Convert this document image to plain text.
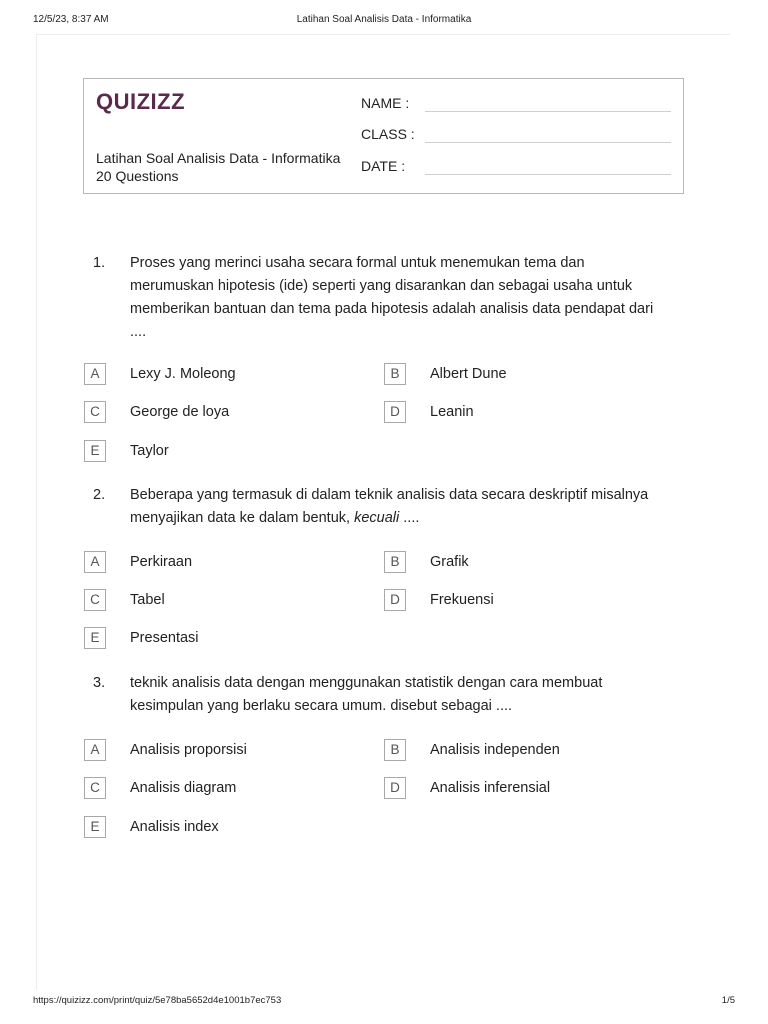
12/5/23, 8:37 AM	Latihan Soal Analisis Data - Informatika
QUIZIZZ
Latihan Soal Analisis Data - Informatika
20 Questions
NAME :
CLASS :
DATE :
1. Proses yang merinci usaha secara formal untuk menemukan tema dan
merumuskan hipotesis (ide) seperti yang disarankan dan sebagai usaha untuk
memberikan bantuan dan tema pada hipotesis adalah analisis data pendapat dari
....
A	Lexy J. Moleong	B	Albert Dune
C	George de loya	D	Leanin
E	Taylor
2. Beberapa yang termasuk di dalam teknik analisis data secara deskriptif misalnya
menyajikan data ke dalam bentuk, kecuali ....
A	Perkiraan	B	Grafik
C	Tabel	D	Frekuensi
E	Presentasi
3. teknik analisis data dengan menggunakan statistik dengan cara membuat
kesimpulan yang berlaku secara umum. disebut sebagai ....
A	Analisis proporsisi	B	Analisis independen
C	Analisis diagram	D	Analisis inferensial
E	Analisis index
https://quizizz.com/print/quiz/5e78ba5652d4e1001b7ec753	1/5
